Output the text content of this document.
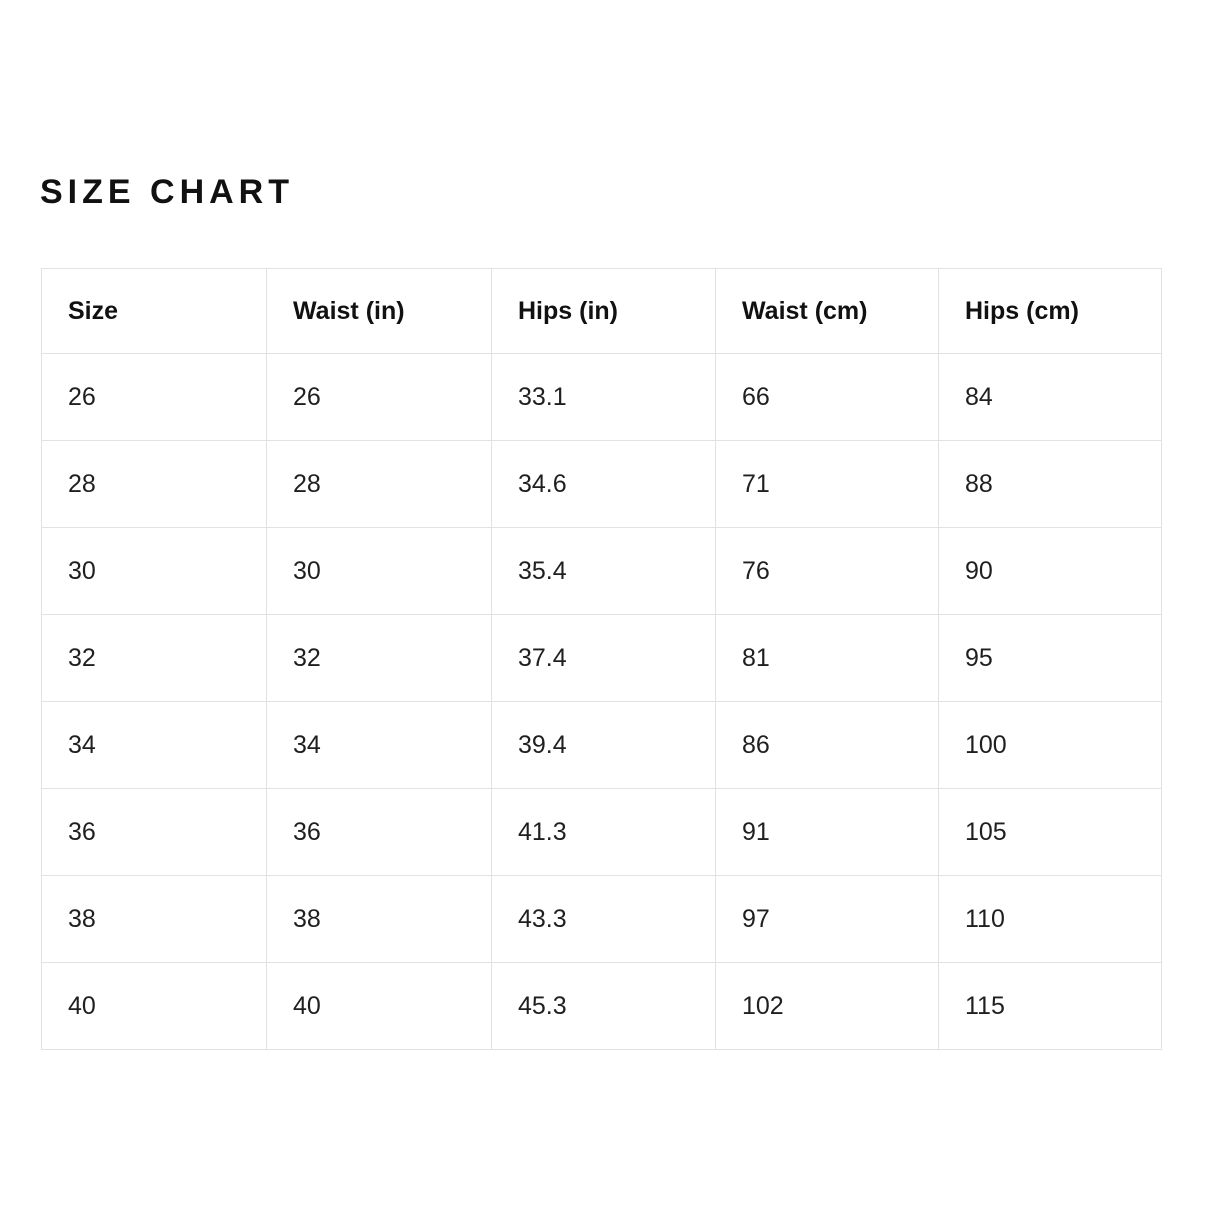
SIZE CHART
Size	Waist (in)	Hips (in)	Waist (cm)	Hips (cm)
26	26	33.1	66	84
28	28	34.6	71	88
30	30	35.4	76	90
32	32	37.4	81	95
34	34	39.4	86	100
36	36	41.3	91	105
38	38	43.3	97	110
40	40	45.3	102	115
